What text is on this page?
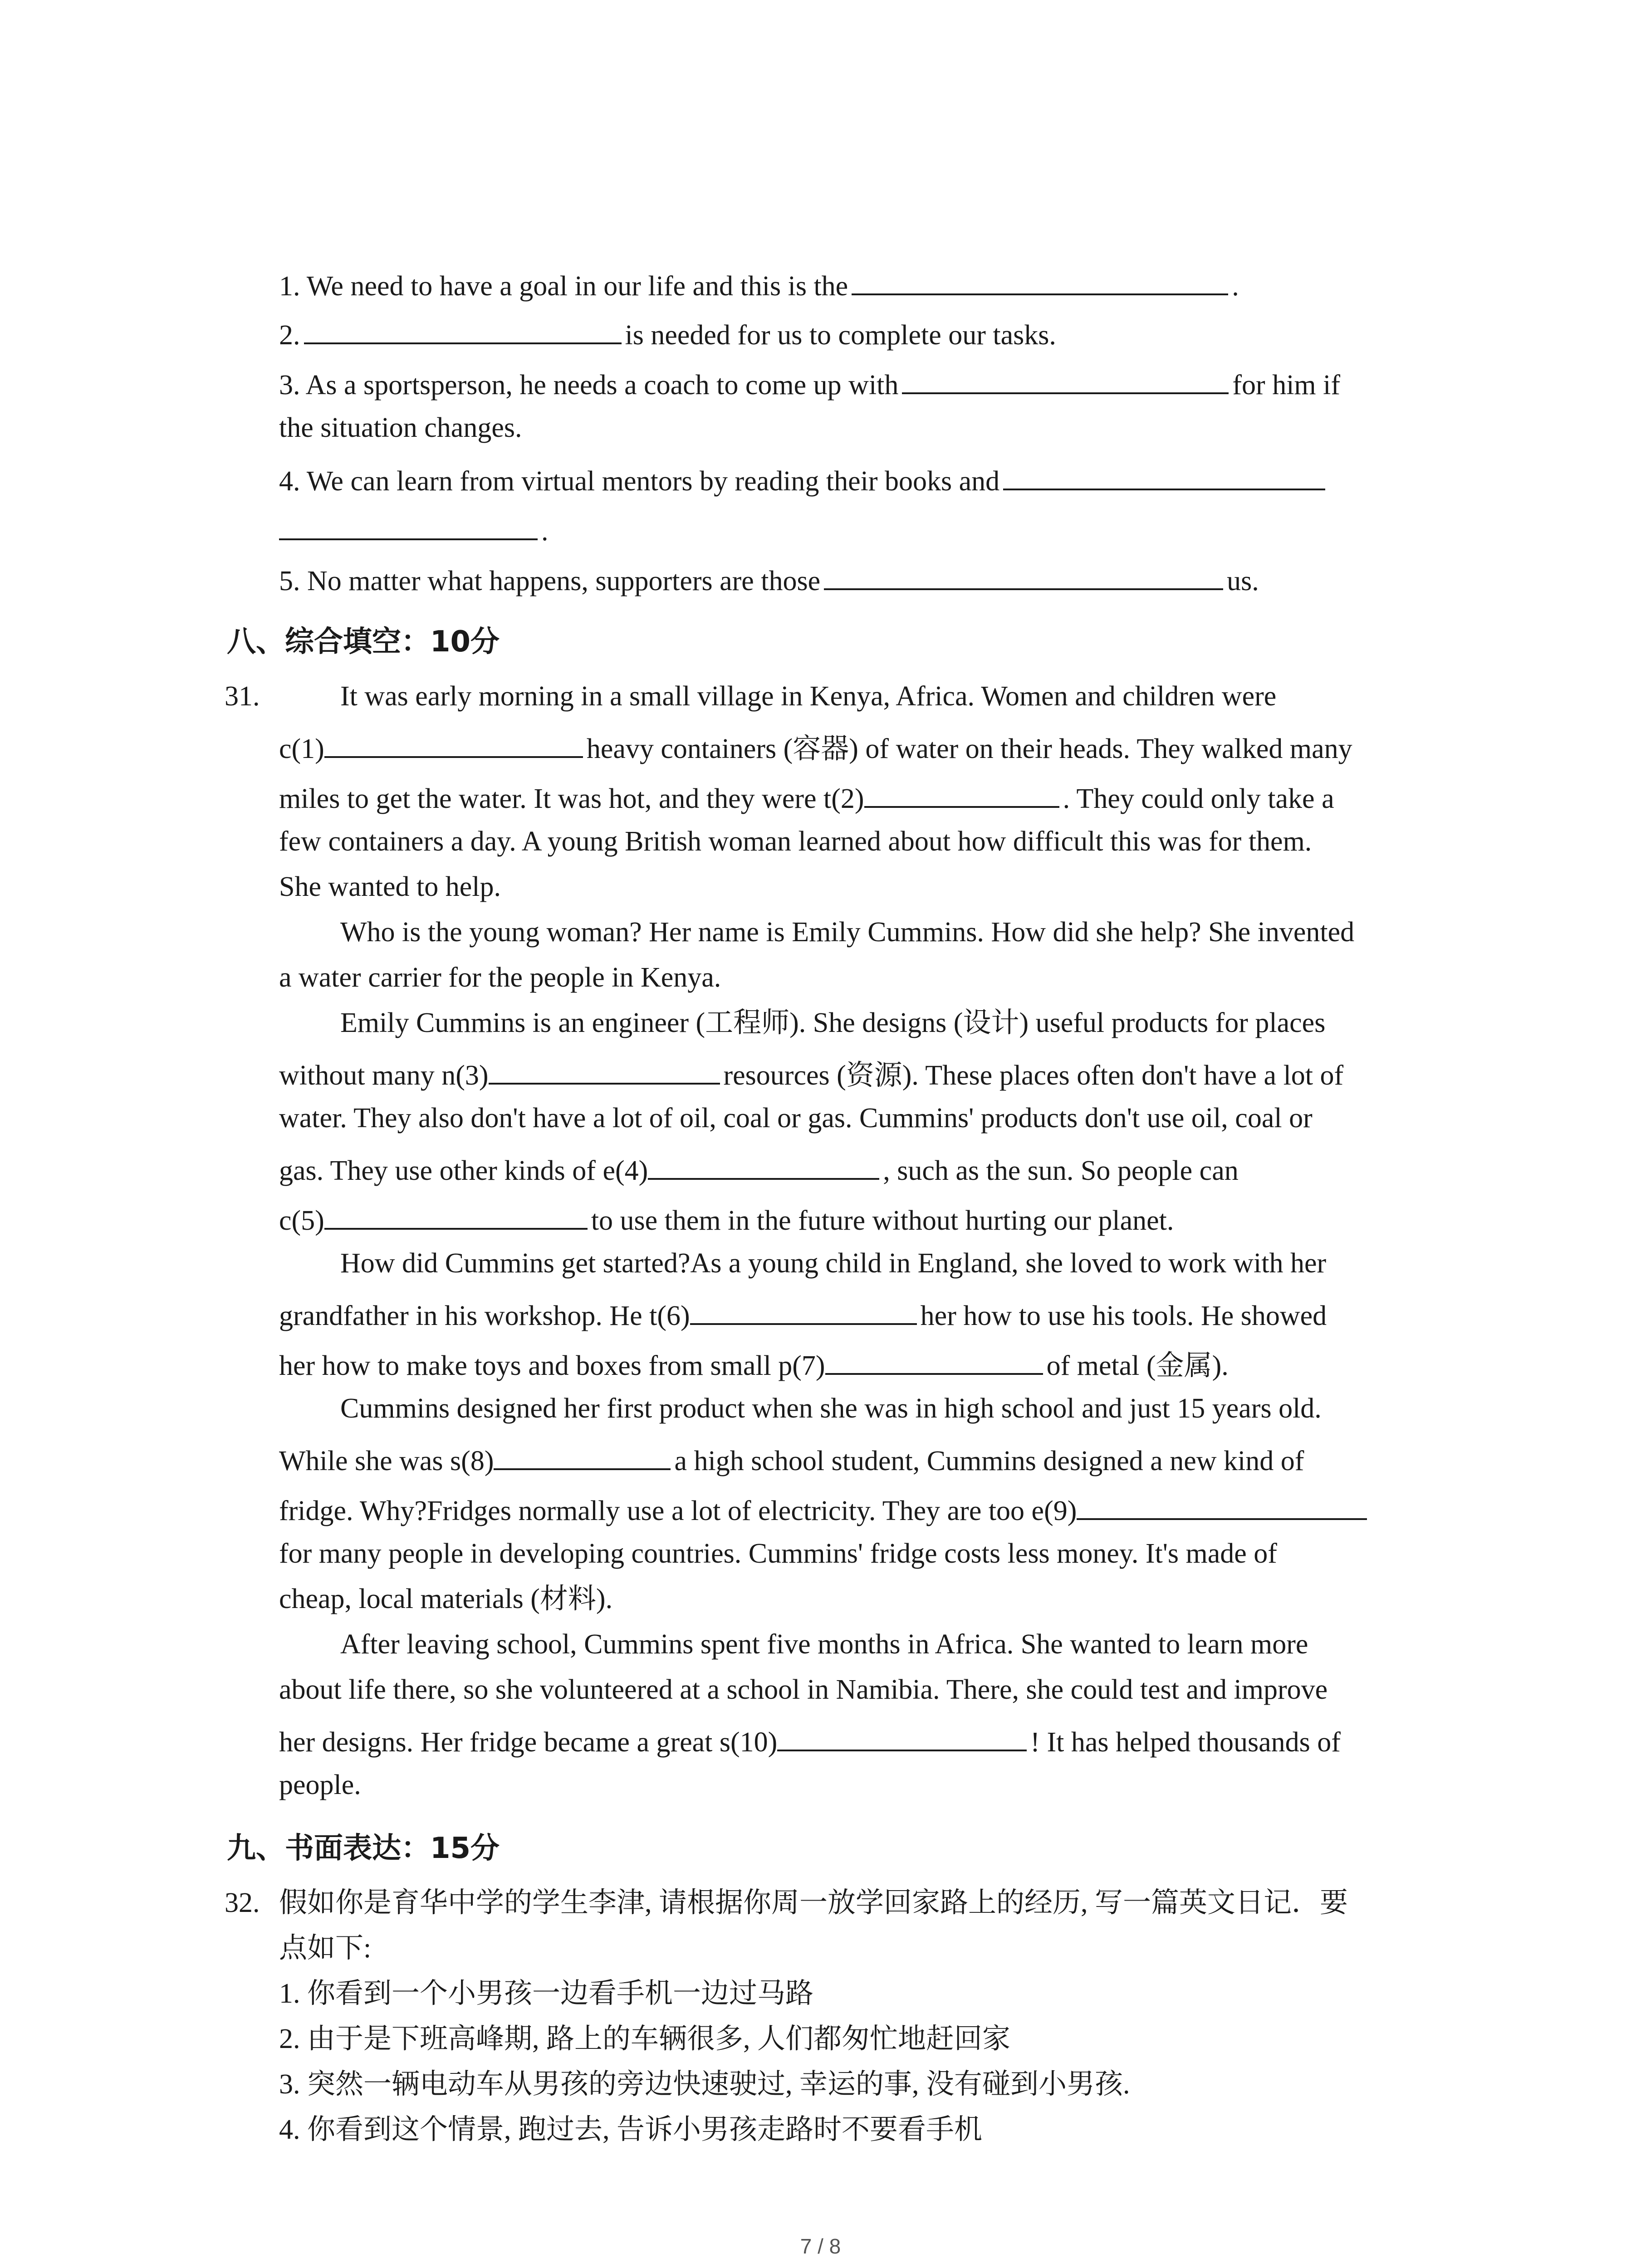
1. We need to have a goal in our life and this is the	.
2.	is needed for us to complete our tasks.
3. As a sportsperson, he needs a coach to come up with	for him if
the situation changes.
4. We can learn from virtual mentors by reading their books and
.
5. No matter what happens, supporters are those	us.
八、综合填空：10分
31.	It was early morning in a small village in Kenya, Africa. Women and children were
c(1)	heavy containers (容器) of water on their heads. They walked many
miles to get the water. It was hot, and they were t(2)	. They could only take a
few containers a day. A young British woman learned about how difficult this was for them.
She wanted to help.
Who is the young woman? Her name is Emily Cummins. How did she help? She invented
a water carrier for the people in Kenya.
Emily Cummins is an engineer (工程师). She designs (设计) useful products for places
without many n(3)	resources (资源). These places often don't have a lot of
water. They also don't have a lot of oil, coal or gas. Cummins' products don't use oil, coal or
gas. They use other kinds of e(4)	, such as the sun. So people can
c(5)	to use them in the future without hurting our planet.
How did Cummins get started?As a young child in England, she loved to work with her
grandfather in his workshop. He t(6)	her how to use his tools. He showed
her how to make toys and boxes from small p(7)	of metal (金属).
Cummins designed her first product when she was in high school and just 15 years old.
While she was s(8)	a high school student, Cummins designed a new kind of
fridge. Why?Fridges normally use a lot of electricity. They are too e(9)
for many people in developing countries. Cummins' fridge costs less money. It's made of
cheap, local materials (材料).
After leaving school, Cummins spent five months in Africa. She wanted to learn more
about life there, so she volunteered at a school in Namibia. There, she could test and improve
her designs. Her fridge became a great s(10)	! It has helped thousands of
people.
九、书面表达：15分
32. 假如你是育华中学的学生李津, 请根据你周一放学回家路上的经历, 写一篇英文日记．要
点如下:
1. 你看到一个小男孩一边看手机一边过马路
2. 由于是下班高峰期, 路上的车辆很多, 人们都匆忙地赶回家
3. 突然一辆电动车从男孩的旁边快速驶过, 幸运的事, 没有碰到小男孩.
4. 你看到这个情景, 跑过去, 告诉小男孩走路时不要看手机
7 / 8
